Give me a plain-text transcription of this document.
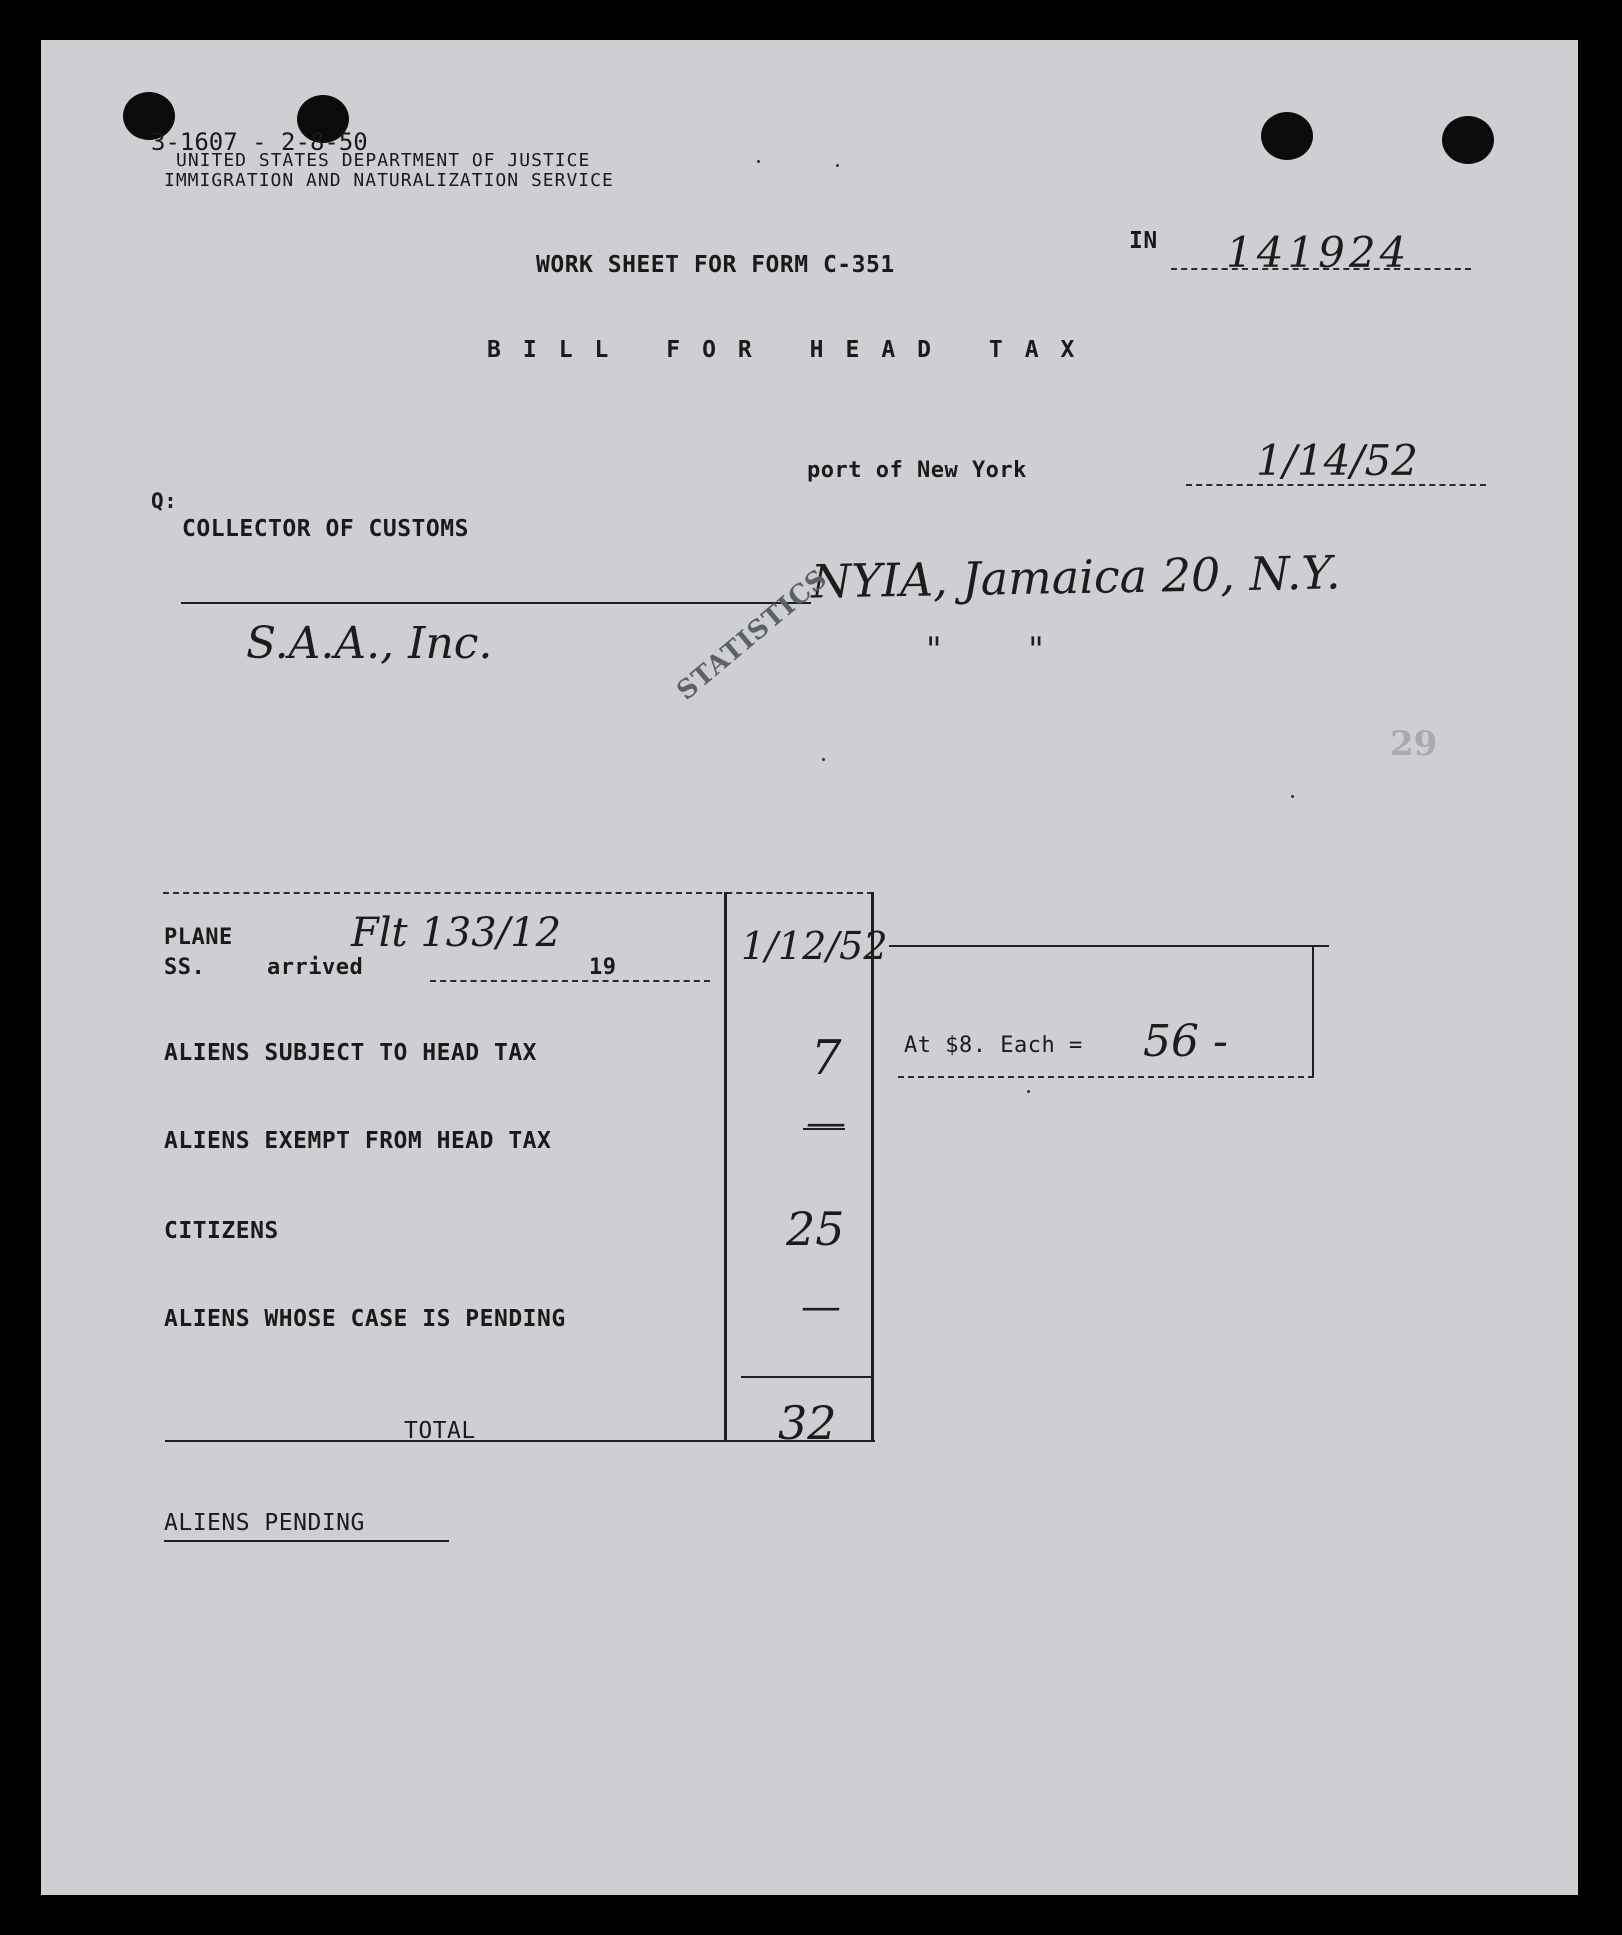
3-1607 - 2-8-50
UNITED STATES DEPARTMENT OF JUSTICE
IMMIGRATION AND NATURALIZATION SERVICE
WORK SHEET FOR FORM C-351
IN 141924
BILL FOR HEAD TAX
port of New York	1/14/52
Q:
COLLECTOR OF CUSTOMS
NYIA, Jamaica 20, N.Y.
"        "
S.A.A., Inc.	STATISTICS
29
PLANE
SS.	arrived	19
Flt 133/12	1/12/52
ALIENS SUBJECT TO HEAD TAX	7
ALIENS EXEMPT FROM HEAD TAX	—
CITIZENS	25
ALIENS WHOSE CASE IS PENDING	—
TOTAL	32
At $8. Each = 56 -
ALIENS PENDING
